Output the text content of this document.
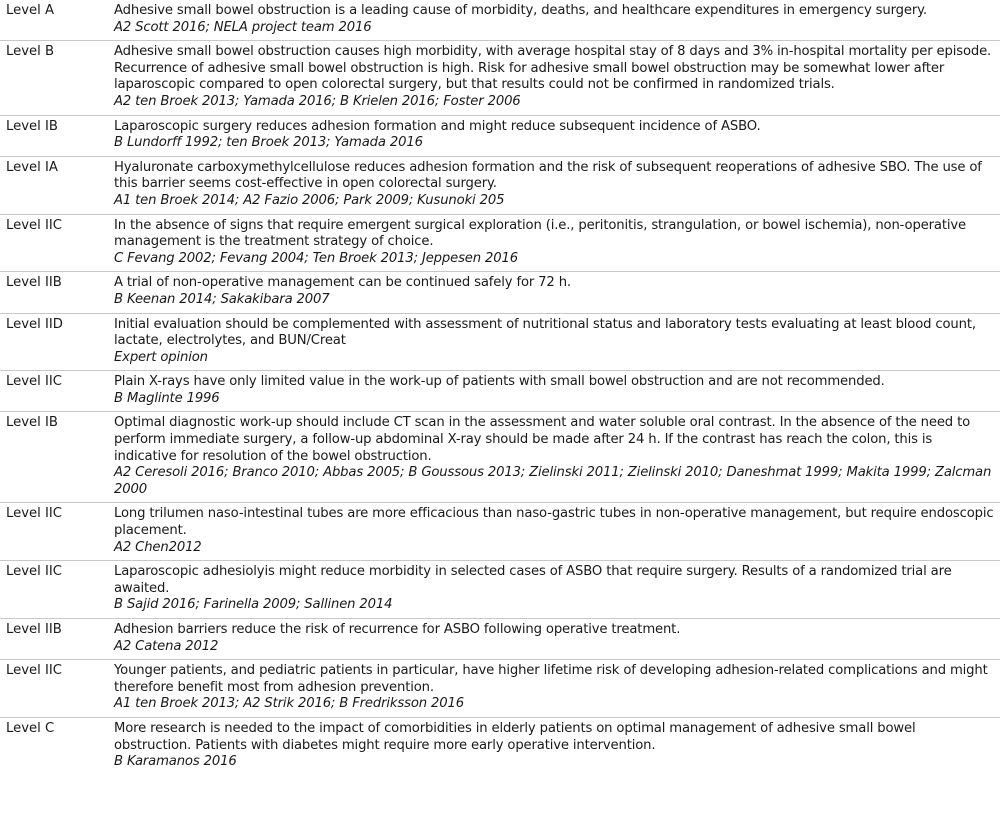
Level A	Adhesive small bowel obstruction is a leading cause of morbidity, deaths, and healthcare expenditures in emergency surgery.
A2 Scott 2016; NELA project team 2016
Level B	Adhesive small bowel obstruction causes high morbidity, with average hospital stay of 8 days and 3% in-hospital mortality per episode. Recurrence of adhesive small bowel obstruction is high. Risk for adhesive small bowel obstruction may be somewhat lower after laparoscopic compared to open colorectal surgery, but that results could not be confirmed in randomized trials.
A2 ten Broek 2013; Yamada 2016; B Krielen 2016; Foster 2006
Level IB	Laparoscopic surgery reduces adhesion formation and might reduce subsequent incidence of ASBO.
B Lundorff 1992; ten Broek 2013; Yamada 2016
Level IA	Hyaluronate carboxymethylcellulose reduces adhesion formation and the risk of subsequent reoperations of adhesive SBO. The use of this barrier seems cost-effective in open colorectal surgery.
A1 ten Broek 2014; A2 Fazio 2006; Park 2009; Kusunoki 205
Level IIC	In the absence of signs that require emergent surgical exploration (i.e., peritonitis, strangulation, or bowel ischemia), non-operative management is the treatment strategy of choice.
C Fevang 2002; Fevang 2004; Ten Broek 2013; Jeppesen 2016
Level IIB	A trial of non-operative management can be continued safely for 72 h.
B Keenan 2014; Sakakibara 2007
Level IID	Initial evaluation should be complemented with assessment of nutritional status and laboratory tests evaluating at least blood count, lactate, electrolytes, and BUN/Creat
Expert opinion
Level IIC	Plain X-rays have only limited value in the work-up of patients with small bowel obstruction and are not recommended.
B Maglinte 1996
Level IB	Optimal diagnostic work-up should include CT scan in the assessment and water soluble oral contrast. In the absence of the need to perform immediate surgery, a follow-up abdominal X-ray should be made after 24 h. If the contrast has reach the colon, this is indicative for resolution of the bowel obstruction.
A2 Ceresoli 2016; Branco 2010; Abbas 2005; B Goussous 2013; Zielinski 2011; Zielinski 2010; Daneshmat 1999; Makita 1999; Zalcman 2000
Level IIC	Long trilumen naso-intestinal tubes are more efficacious than naso-gastric tubes in non-operative management, but require endoscopic placement.
A2 Chen2012
Level IIC	Laparoscopic adhesiolyis might reduce morbidity in selected cases of ASBO that require surgery. Results of a randomized trial are awaited.
B Sajid 2016; Farinella 2009; Sallinen 2014
Level IIB	Adhesion barriers reduce the risk of recurrence for ASBO following operative treatment.
A2 Catena 2012
Level IIC	Younger patients, and pediatric patients in particular, have higher lifetime risk of developing adhesion-related complications and might therefore benefit most from adhesion prevention.
A1 ten Broek 2013; A2 Strik 2016; B Fredriksson 2016
Level C	More research is needed to the impact of comorbidities in elderly patients on optimal management of adhesive small bowel obstruction. Patients with diabetes might require more early operative intervention.
B Karamanos 2016
